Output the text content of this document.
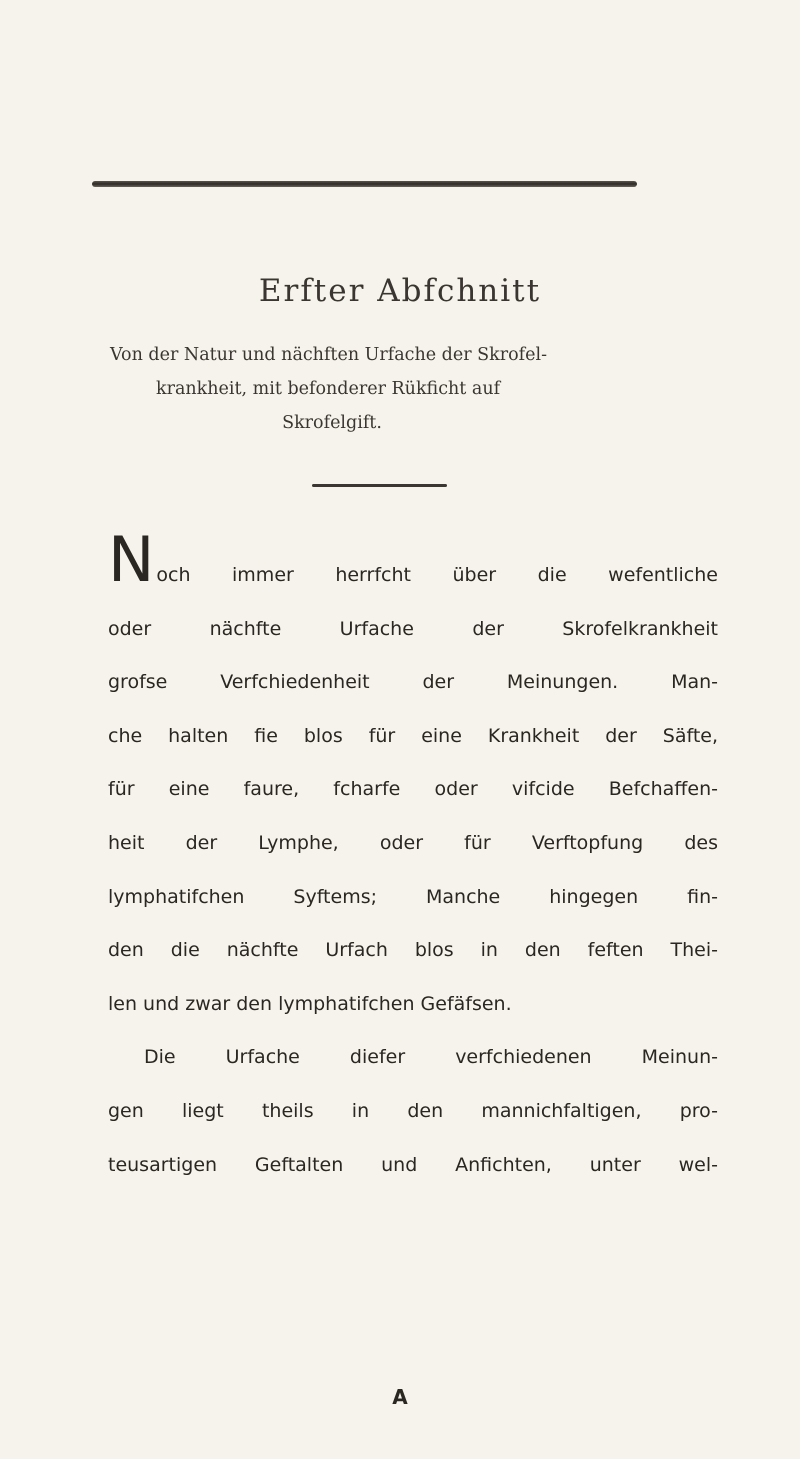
Erfter Abfchnitt
Von der Natur und nächften Urfache der Skrofel-
krankheit, mit befonderer Rükficht auf
Skrofelgift.
Noch immer herrfcht über die wefentliche
oder nächfte Urfache der Skrofelkrankheit
grofse Verfchiedenheit der Meinungen. Man-
che halten fie blos für eine Krankheit der Säfte,
für eine faure, fcharfe oder vifcide Befchaffen-
heit der Lymphe, oder für Verftopfung des
lymphatifchen Syftems; Manche hingegen fin-
den die nächfte Urfach blos in den feften Thei-
len und zwar den lymphatifchen Gefäfsen.
Die Urfache diefer verfchiedenen Meinun-
gen liegt theils in den mannichfaltigen, pro-
teusartigen Geftalten und Anfichten, unter wel-
A
